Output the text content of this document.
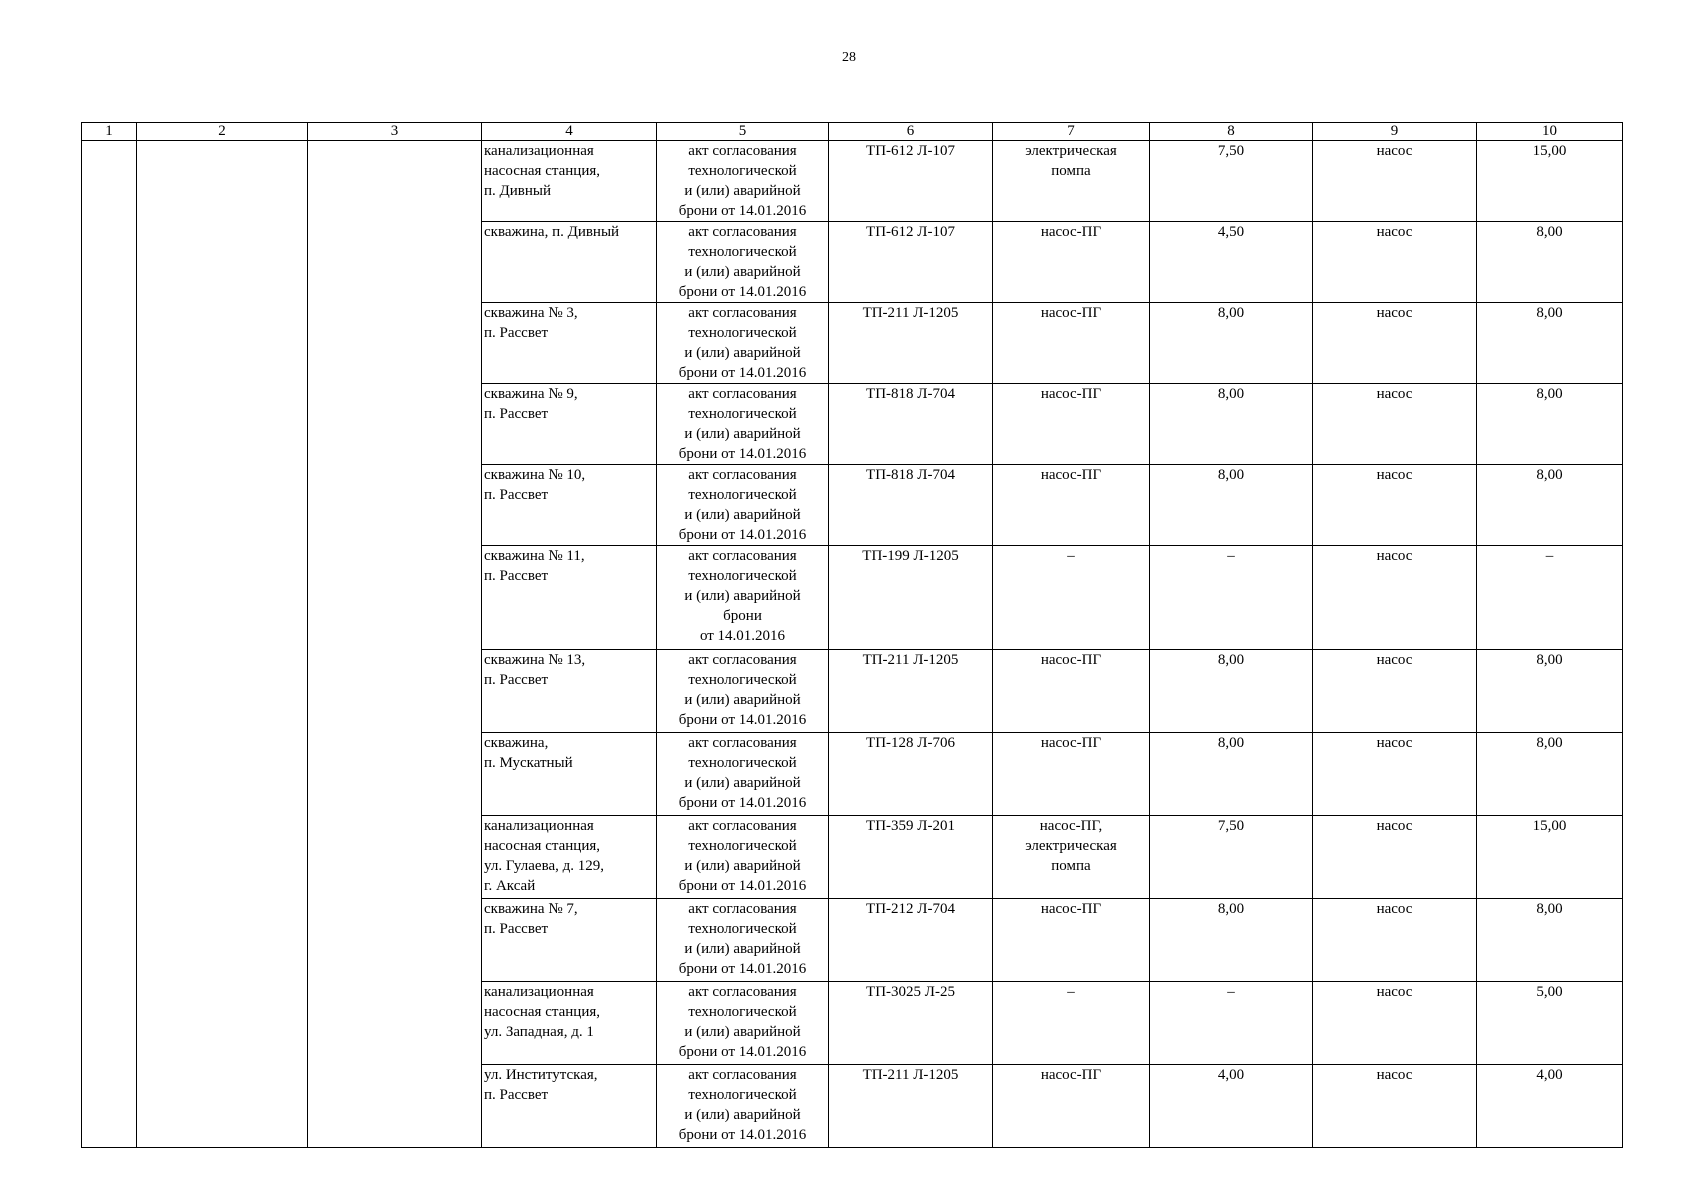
28
1	2	3	4	5	6	7	8	9	10
			канализационная
насосная станция,
п. Дивный	акт согласования
технологической
и (или) аварийной
брони от 14.01.2016	ТП-612 Л-107	электрическая
помпа	7,50	насос	15,00
			скважина, п. Дивный	акт согласования
технологической
и (или) аварийной
брони от 14.01.2016	ТП-612 Л-107	насос-ПГ	4,50	насос	8,00
			скважина № 3,
п. Рассвет	акт согласования
технологической
и (или) аварийной
брони от 14.01.2016	ТП-211 Л-1205	насос-ПГ	8,00	насос	8,00
			скважина № 9,
п. Рассвет	акт согласования
технологической
и (или) аварийной
брони от 14.01.2016	ТП-818 Л-704	насос-ПГ	8,00	насос	8,00
			скважина № 10,
п. Рассвет	акт согласования
технологической
и (или) аварийной
брони от 14.01.2016	ТП-818 Л-704	насос-ПГ	8,00	насос	8,00
			скважина № 11,
п. Рассвет	акт согласования
технологической
и (или) аварийной
брони
от 14.01.2016	ТП-199 Л-1205	–	–	насос	–
			скважина № 13,
п. Рассвет	акт согласования
технологической
и (или) аварийной
брони от 14.01.2016	ТП-211 Л-1205	насос-ПГ	8,00	насос	8,00
			скважина,
п. Мускатный	акт согласования
технологической
и (или) аварийной
брони от 14.01.2016	ТП-128 Л-706	насос-ПГ	8,00	насос	8,00
			канализационная
насосная станция,
ул. Гулаева, д. 129,
г. Аксай	акт согласования
технологической
и (или) аварийной
брони от 14.01.2016	ТП-359 Л-201	насос-ПГ,
электрическая
помпа	7,50	насос	15,00
			скважина № 7,
п. Рассвет	акт согласования
технологической
и (или) аварийной
брони от 14.01.2016	ТП-212 Л-704	насос-ПГ	8,00	насос	8,00
			канализационная
насосная станция,
ул. Западная, д. 1	акт согласования
технологической
и (или) аварийной
брони от 14.01.2016	ТП-3025 Л-25	–	–	насос	5,00
			ул. Институтская,
п. Рассвет	акт согласования
технологической
и (или) аварийной
брони от 14.01.2016	ТП-211 Л-1205	насос-ПГ	4,00	насос	4,00
